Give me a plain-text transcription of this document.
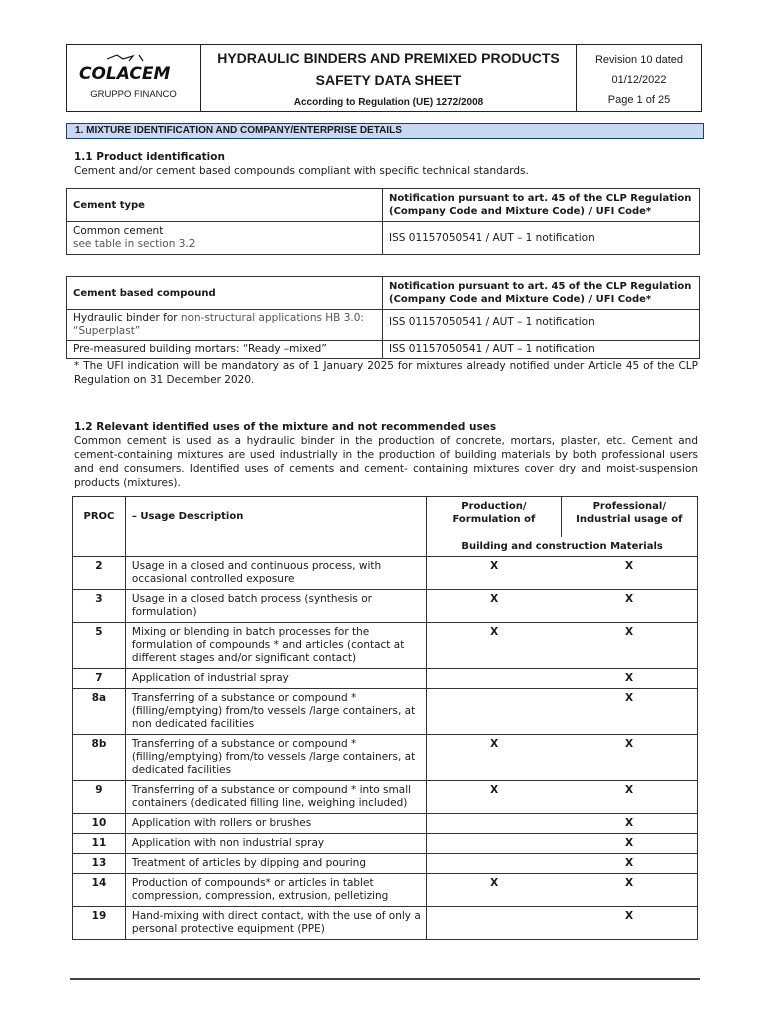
COLACEM
GRUPPO FINANCO
HYDRAULIC BINDERS AND PREMIXED PRODUCTS
SAFETY DATA SHEET
According to Regulation (UE) 1272/2008
Revision 10 dated
01/12/2022
Page 1 of 25
1. MIXTURE IDENTIFICATION AND COMPANY/ENTERPRISE DETAILS
1.1 Product identification
Cement and/or cement based compounds compliant with specific technical standards.
Cement type	Notification pursuant to art. 45 of the CLP Regulation (Company Code and Mixture Code) / UFI Code*

Common cement
see table in section 3.2	ISS 01157050541 / AUT – 1 notification
Cement based compound	Notification pursuant to art. 45 of the CLP Regulation (Company Code and Mixture Code) / UFI Code*
Hydraulic binder for non-structural applications HB 3.0: “Superplast”	ISS 01157050541 / AUT – 1 notification
Pre-measured building mortars: “Ready –mixed”	ISS 01157050541 / AUT – 1 notification
* The UFI indication will be mandatory as of 1 January 2025 for mixtures already notified under Article 45 of the CLP Regulation on 31 December 2020.
1.2 Relevant identified uses of the mixture and not recommended uses
Common cement is used as a hydraulic binder in the production of concrete, mortars, plaster, etc. Cement and cement-containing mixtures are used industrially in the production of building materials by both professional users and end consumers. Identified uses of cements and cement- containing mixtures cover dry and moist-suspension products (mixtures).
PROC	– Usage Description	Production/ Formulation of	Professional/ Industrial usage of
		Building and construction Materials	
2	Usage in a closed and continuous process, with occasional controlled exposure	X	X
3	Usage in a closed batch process (synthesis or formulation)	X	X
5	Mixing or blending in batch processes for the formulation of compounds * and articles (contact at different stages and/or significant contact)	X	X
7	Application of industrial spray		X
8a	Transferring of a substance or compound * (filling/emptying) from/to vessels /large containers, at non dedicated facilities		X
8b	Transferring of a substance or compound * (filling/emptying) from/to vessels /large containers, at dedicated facilities	X	X
9	Transferring of a substance or compound * into small containers (dedicated filling line, weighing included)	X	X
10	Application with rollers or brushes		X
11	Application with non industrial spray		X
13	Treatment of articles by dipping and pouring		X
14	Production of compounds* or articles in tablet compression, compression, extrusion, pelletizing	X	X
19	Hand-mixing with direct contact, with the use of only a personal protective equipment (PPE)		X
